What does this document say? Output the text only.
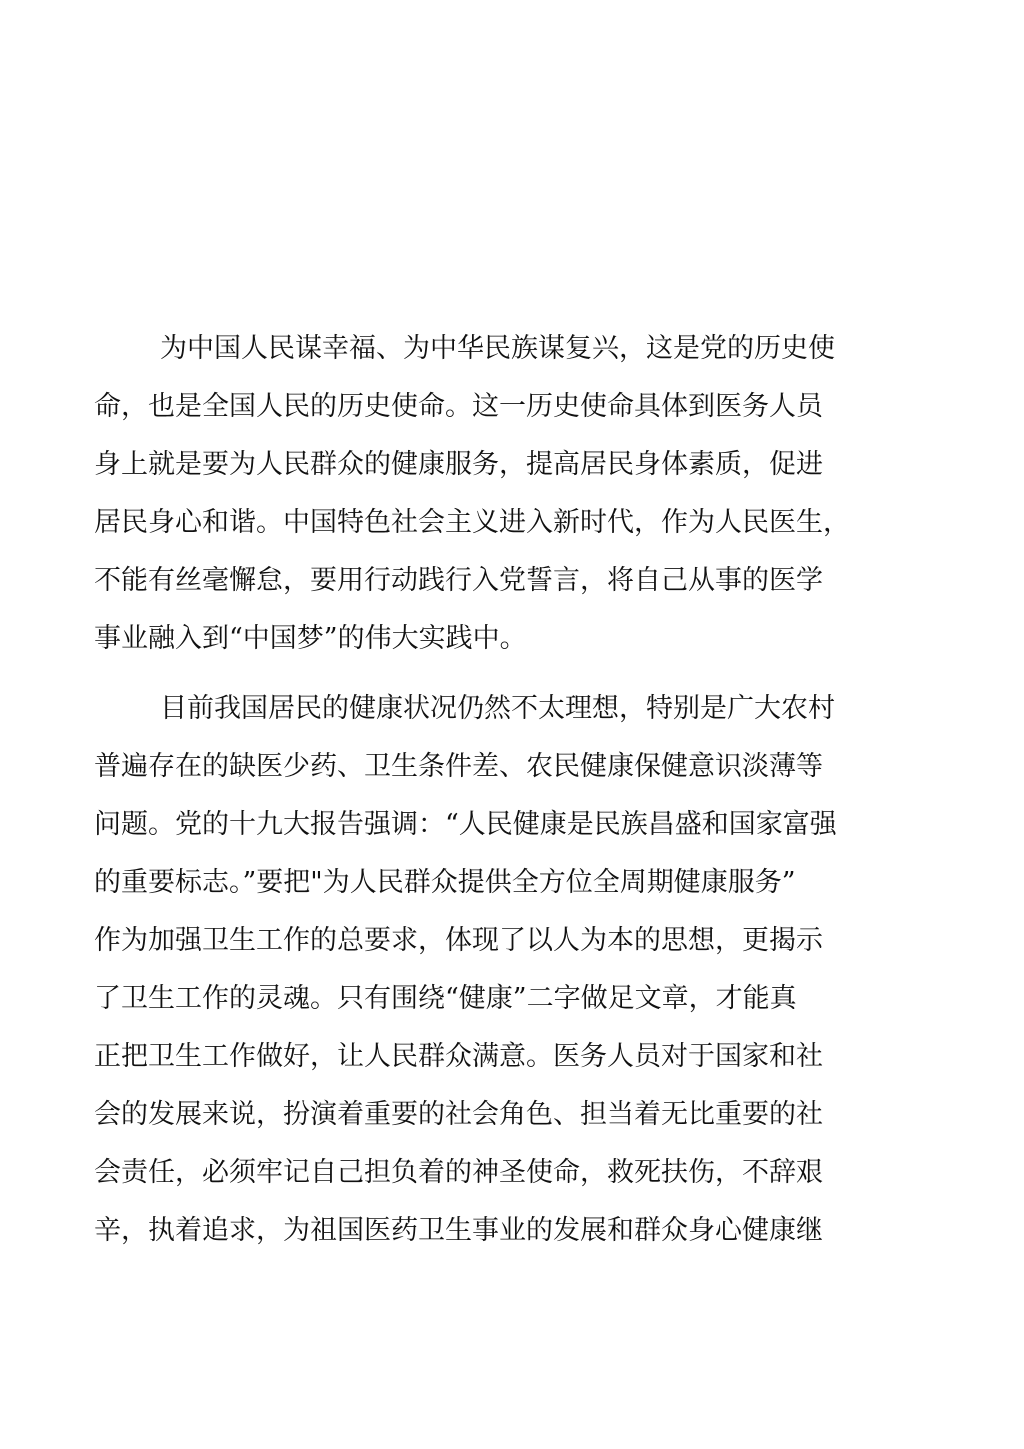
为中国人民谋幸福、为中华民族谋复兴，这是党的历史使
命，也是全国人民的历史使命。这一历史使命具体到医务人员
身上就是要为人民群众的健康服务，提高居民身体素质，促进
居民身心和谐。中国特色社会主义进入新时代，作为人民医生，
不能有丝毫懈怠，要用行动践行入党誓言，将自己从事的医学
事业融入到“中国梦”的伟大实践中。
目前我国居民的健康状况仍然不太理想，特别是广大农村
普遍存在的缺医少药、卫生条件差、农民健康保健意识淡薄等
问题。党的十九大报告强调：“人民健康是民族昌盛和国家富强
的重要标志。”要把"为人民群众提供全方位全周期健康服务”
作为加强卫生工作的总要求，体现了以人为本的思想，更揭示
了卫生工作的灵魂。只有围绕“健康”二字做足文章，才能真
正把卫生工作做好，让人民群众满意。医务人员对于国家和社
会的发展来说，扮演着重要的社会角色、担当着无比重要的社
会责任，必须牢记自己担负着的神圣使命，救死扶伤，不辞艰
辛，执着追求，为祖国医药卫生事业的发展和群众身心健康继
